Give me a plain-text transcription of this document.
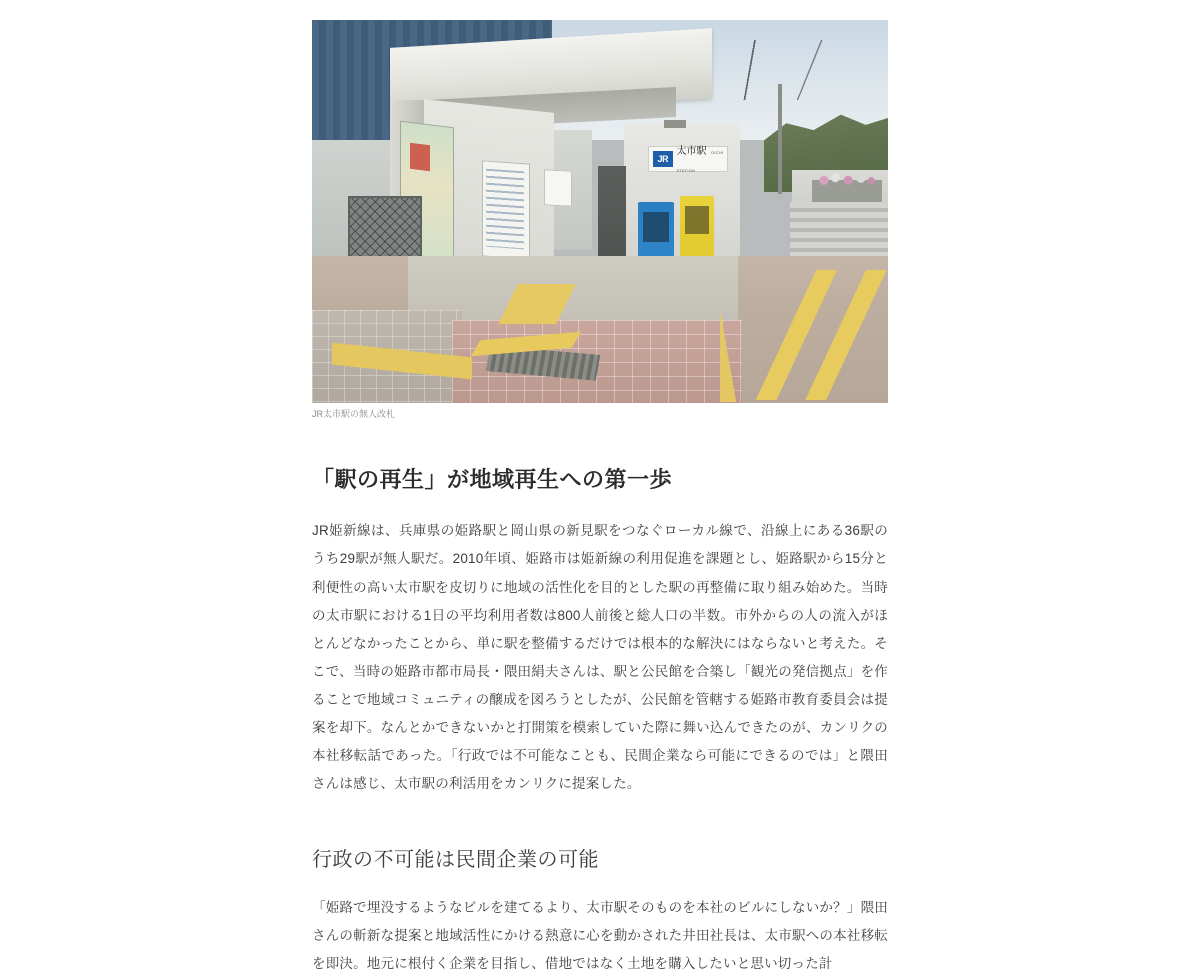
JR
太市駅 OICHI STATION
JR太市駅の無人改札
「駅の再生」が地域再生への第一歩

JR姫新線は、兵庫県の姫路駅と岡山県の新見駅をつなぐローカル線で、沿線上にある36駅のうち29駅が無人駅だ。2010年頃、姫路市は姫新線の利用促進を課題とし、姫路駅から15分と利便性の高い太市駅を皮切りに地域の活性化を目的とした駅の再整備に取り組み始めた。当時の太市駅における1日の平均利用者数は800人前後と総人口の半数。市外からの人の流入がほとんどなかったことから、単に駅を整備するだけでは根本的な解決にはならないと考えた。そこで、当時の姫路市都市局長・隈田絹夫さんは、駅と公民館を合築し「観光の発信拠点」を作ることで地域コミュニティの醸成を図ろうとしたが、公民館を管轄する姫路市教育委員会は提案を却下。なんとかできないかと打開策を模索していた際に舞い込んできたのが、カンリクの本社移転話であった。「行政では不可能なことも、民間企業なら可能にできるのでは」と隈田さんは感じ、太市駅の利活用をカンリクに提案した。

行政の不可能は民間企業の可能

「姫路で埋没するようなビルを建てるより、太市駅そのものを本社のビルにしないか？」隈田さんの斬新な提案と地域活性にかける熱意に心を動かされた井田社長は、太市駅への本社移転を即決。地元に根付く企業を目指し、借地ではなく土地を購入したいと思い切った計
